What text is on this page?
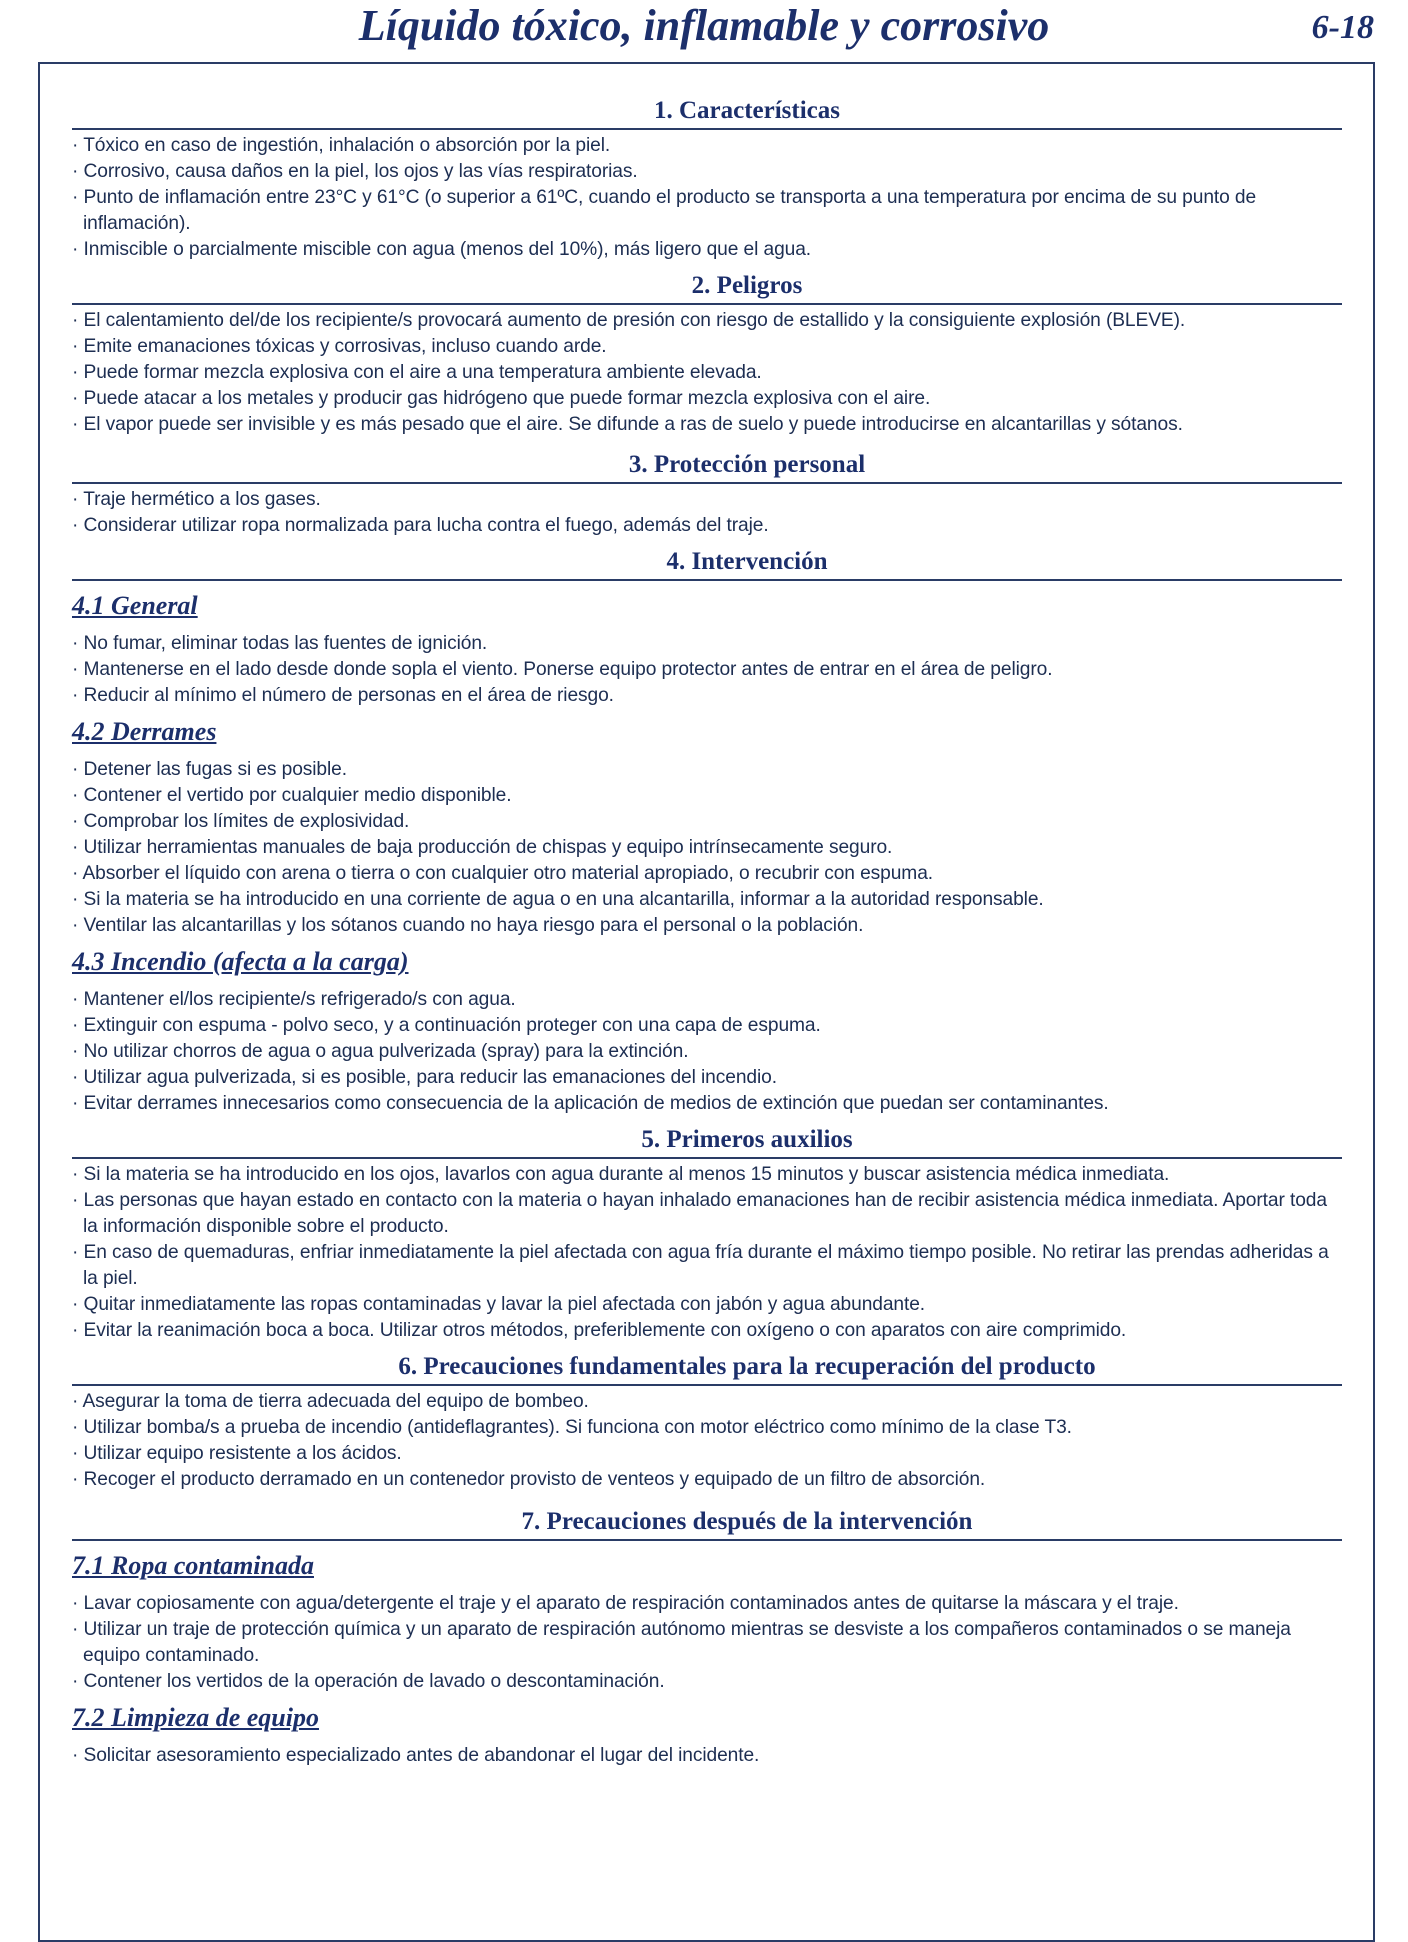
Líquido tóxico, inflamable y corrosivo	6-18
1. Características
· Tóxico en caso de ingestión, inhalación o absorción por la piel.
· Corrosivo, causa daños en la piel, los ojos y las vías respiratorias.
· Punto de inflamación entre 23°C y 61°C (o superior a 61ºC, cuando el producto se transporta a una temperatura por encima de su punto de inflamación).
· Inmiscible o parcialmente miscible con agua (menos del 10%), más ligero que el agua.
2. Peligros
· El calentamiento del/de los recipiente/s provocará aumento de presión con riesgo de estallido y la consiguiente explosión (BLEVE).
· Emite emanaciones tóxicas y corrosivas, incluso cuando arde.
· Puede formar mezcla explosiva con el aire a una temperatura ambiente elevada.
· Puede atacar a los metales y producir gas hidrógeno que puede formar mezcla explosiva con el aire.
· El vapor puede ser invisible y es más pesado que el aire. Se difunde a ras de suelo y puede introducirse en alcantarillas y sótanos.
3. Protección personal
· Traje hermético a los gases.
· Considerar utilizar ropa normalizada para lucha contra el fuego, además del traje.
4. Intervención
4.1 General
· No fumar, eliminar todas las fuentes de ignición.
· Mantenerse en el lado desde donde sopla el viento. Ponerse equipo protector antes de entrar en el área de peligro.
· Reducir al mínimo el número de personas en el área de riesgo.
4.2 Derrames
· Detener las fugas si es posible.
· Contener el vertido por cualquier medio disponible.
· Comprobar los límites de explosividad.
· Utilizar herramientas manuales de baja producción de chispas y equipo intrínsecamente seguro.
· Absorber el líquido con arena o tierra o con cualquier otro material apropiado, o recubrir con espuma.
· Si la materia se ha introducido en una corriente de agua o en una alcantarilla, informar a la autoridad responsable.
· Ventilar las alcantarillas y los sótanos cuando no haya riesgo para el personal o la población.
4.3 Incendio (afecta a la carga)
· Mantener el/los recipiente/s refrigerado/s con agua.
· Extinguir con espuma - polvo seco, y a continuación proteger con una capa de espuma.
· No utilizar chorros de agua o agua pulverizada (spray) para la extinción.
· Utilizar agua pulverizada, si es posible, para reducir las emanaciones del incendio.
· Evitar derrames innecesarios como consecuencia de la aplicación de medios de extinción que puedan ser contaminantes.
5. Primeros auxilios
· Si la materia se ha introducido en los ojos, lavarlos con agua durante al menos 15 minutos y buscar asistencia médica inmediata.
· Las personas que hayan estado en contacto con la materia o hayan inhalado emanaciones han de recibir asistencia médica inmediata. Aportar toda la información disponible sobre el producto.
· En caso de quemaduras, enfriar inmediatamente la piel afectada con agua fría durante el máximo tiempo posible. No retirar las prendas adheridas a la piel.
· Quitar inmediatamente las ropas contaminadas y lavar la piel afectada con jabón y agua abundante.
· Evitar la reanimación boca a boca. Utilizar otros métodos, preferiblemente con oxígeno o con aparatos con aire comprimido.
6. Precauciones fundamentales para la recuperación del producto
· Asegurar la toma de tierra adecuada del equipo de bombeo.
· Utilizar bomba/s a prueba de incendio (antideflagrantes). Si funciona con motor eléctrico como mínimo de la clase T3.
· Utilizar equipo resistente a los ácidos.
· Recoger el producto derramado en un contenedor provisto de venteos y equipado de un filtro de absorción.
7. Precauciones después de la intervención
7.1 Ropa contaminada
· Lavar copiosamente con agua/detergente el traje y el aparato de respiración contaminados antes de quitarse la máscara y el traje.
· Utilizar un traje de protección química y un aparato de respiración autónomo mientras se desviste a los compañeros contaminados o se maneja equipo contaminado.
· Contener los vertidos de la operación de lavado o descontaminación.
7.2 Limpieza de equipo
· Solicitar asesoramiento especializado antes de abandonar el lugar del incidente.
